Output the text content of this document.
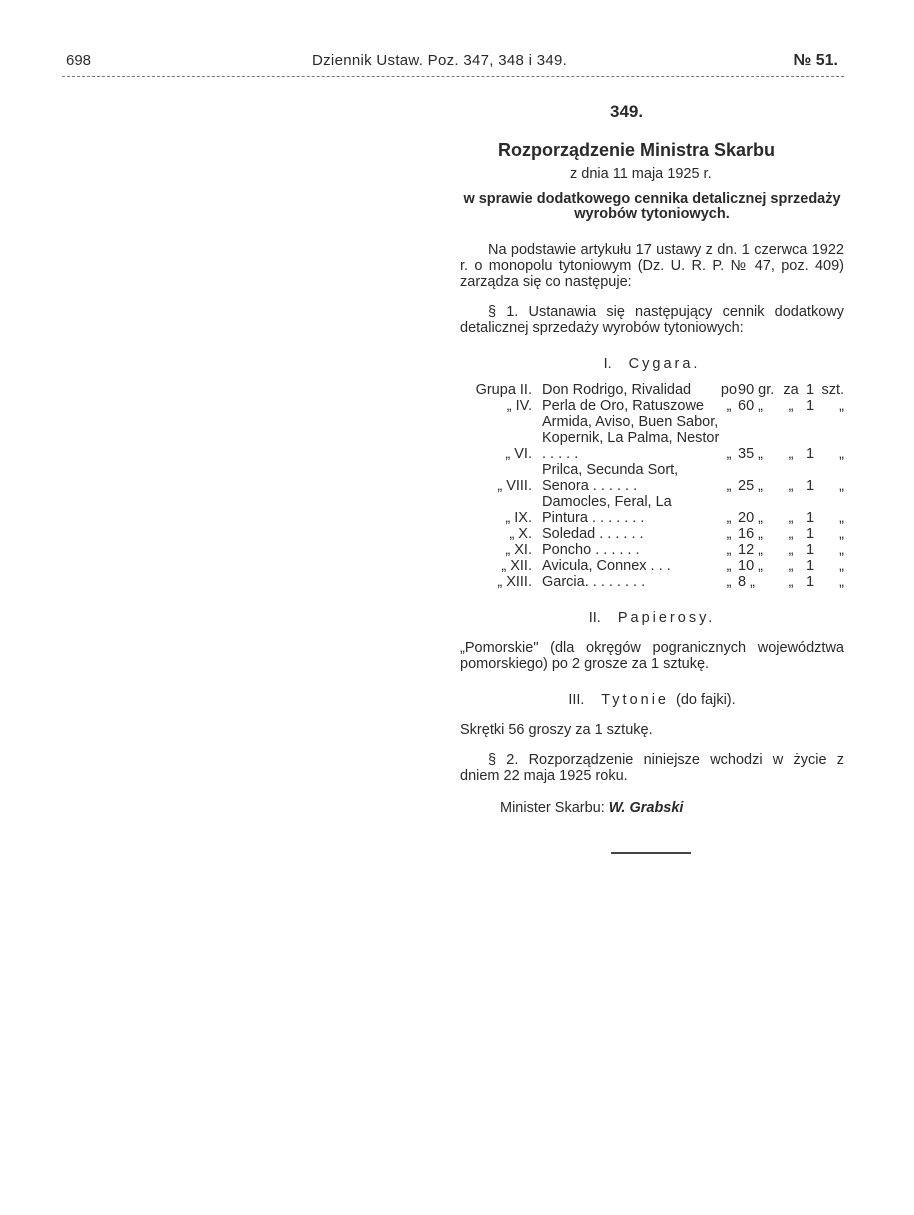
698	Dziennik Ustaw. Poz. 347, 348 i 349.	№ 51.
349.
Rozporządzenie Ministra Skarbu
z dnia 11 maja 1925 r.
w sprawie dodatkowego cennika detalicznej sprzedaży wyrobów tytoniowych.
Na podstawie artykułu 17 ustawy z dn. 1 czerwca 1922 r. o monopolu tytoniowym (Dz. U. R. P. № 47, poz. 409) zarządza się co następuje:
§ 1. Ustanawia się następujący cennik dodatkowy detalicznej sprzedaży wyrobów tytoniowych:
I. Cygara.
Grupa II.	Don Rodrigo, Rivalidad	po	90 gr.	za	1	szt.
„ IV.	Perla de Oro, Ratuszowe	„	60 „	„	1	„
„ VI.	Armida, Aviso, Buen Sabor, Kopernik, La Palma, Nestor . . . . .	„	35 „	„	1	„
„ VIII.	Prilca, Secunda Sort, Senora . . . . . .	„	25 „	„	1	„
„ IX.	Damocles, Feral, La Pintura . . . . . . .	„	20 „	„	1	„
„ X.	Soledad . . . . . .	„	16 „	„	1	„
„ XI.	Poncho . . . . . .	„	12 „	„	1	„
„ XII.	Avicula, Connex . . .	„	10 „	„	1	„
„ XIII.	Garcia. . . . . . . .	„	8 „	„	1	„
II. Papierosy.
„Pomorskie" (dla okręgów pogranicznych województwa pomorskiego) po 2 grosze za 1 sztukę.
III. Tytonie (do fajki).
Skrętki 56 groszy za 1 sztukę.
§ 2. Rozporządzenie niniejsze wchodzi w życie z dniem 22 maja 1925 roku.
Minister Skarbu: W. Grabski
